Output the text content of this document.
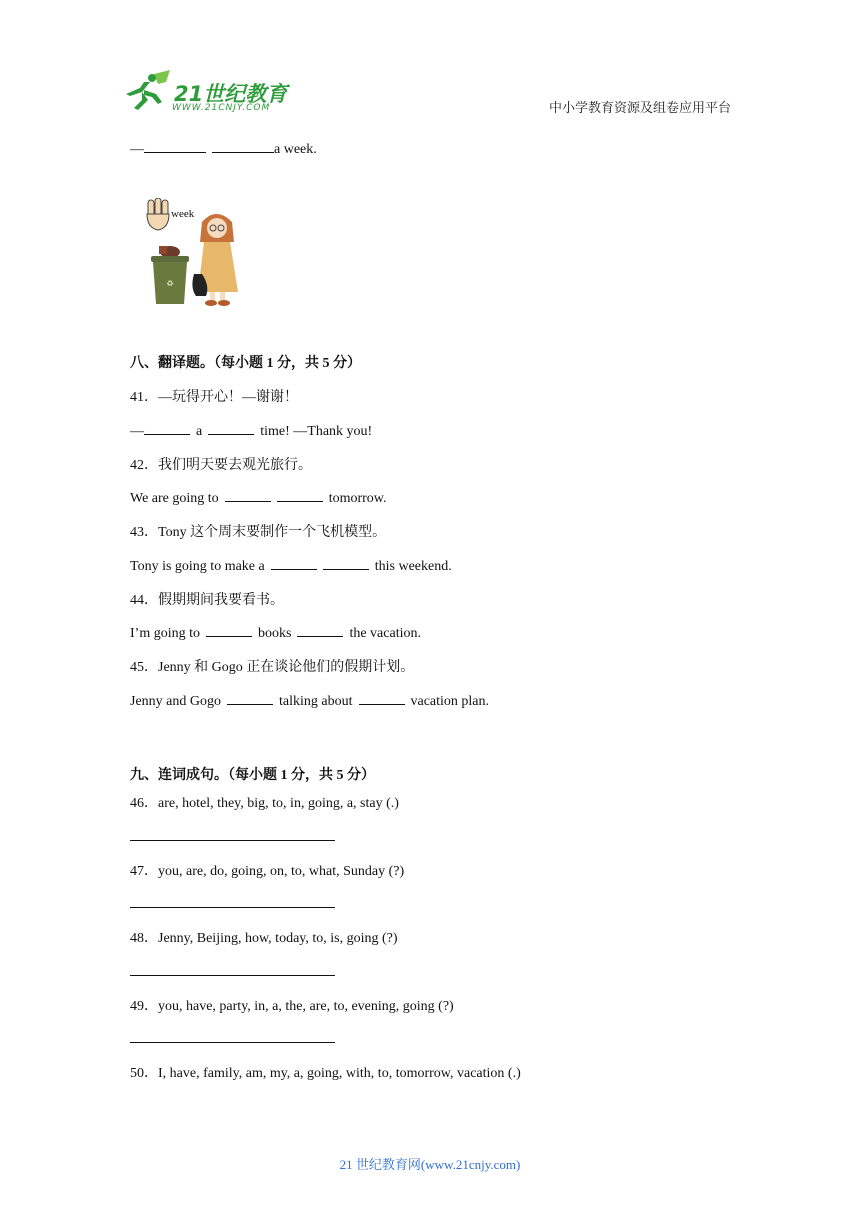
21世纪教育
WWW.21CNJY.COM	中小学教育资源及组卷应用平台
—	a week.
week
♻
八、翻译题。（每小题 1 分，共 5 分）
41．—玩得开心！—谢谢！
—	a	time! —Thank you!
42．我们明天要去观光旅行。
We are going to	tomorrow.
43．Tony 这个周末要制作一个飞机模型。
Tony is going to make a	this weekend.
44．假期期间我要看书。
I’m going to	books	the vacation.
45．Jenny 和 Gogo 正在谈论他们的假期计划。
Jenny and Gogo	talking about	vacation plan.
九、连词成句。（每小题 1 分，共 5 分）
46．are, hotel, they, big, to, in, going, a, stay (.)
47．you, are, do, going, on, to, what, Sunday (?)
48．Jenny, Beijing, how, today, to, is, going (?)
49．you, have, party, in, a, the, are, to, evening, going (?)
50．I, have, family, am, my, a, going, with, to, tomorrow, vacation (.)
21 世纪教育网(www.21cnjy.com)
